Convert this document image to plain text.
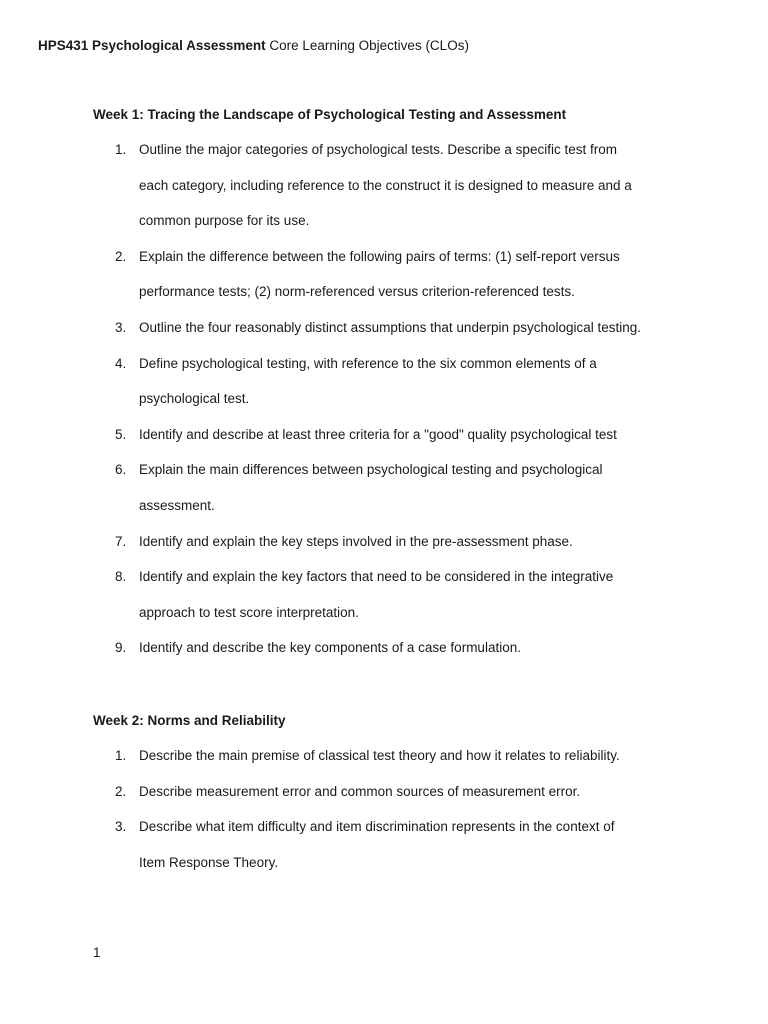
HPS431 Psychological Assessment Core Learning Objectives (CLOs)
Week 1: Tracing the Landscape of Psychological Testing and Assessment
1. Outline the major categories of psychological tests. Describe a specific test from
each category, including reference to the construct it is designed to measure and a
common purpose for its use.
2. Explain the difference between the following pairs of terms: (1) self-report versus
performance tests; (2) norm-referenced versus criterion-referenced tests.
3. Outline the four reasonably distinct assumptions that underpin psychological testing.
4. Define psychological testing, with reference to the six common elements of a
psychological test.
5. Identify and describe at least three criteria for a "good" quality psychological test
6. Explain the main differences between psychological testing and psychological
assessment.
7. Identify and explain the key steps involved in the pre-assessment phase.
8. Identify and explain the key factors that need to be considered in the integrative
approach to test score interpretation.
9. Identify and describe the key components of a case formulation.
Week 2: Norms and Reliability
1. Describe the main premise of classical test theory and how it relates to reliability.
2. Describe measurement error and common sources of measurement error.
3. Describe what item difficulty and item discrimination represents in the context of
Item Response Theory.
1
